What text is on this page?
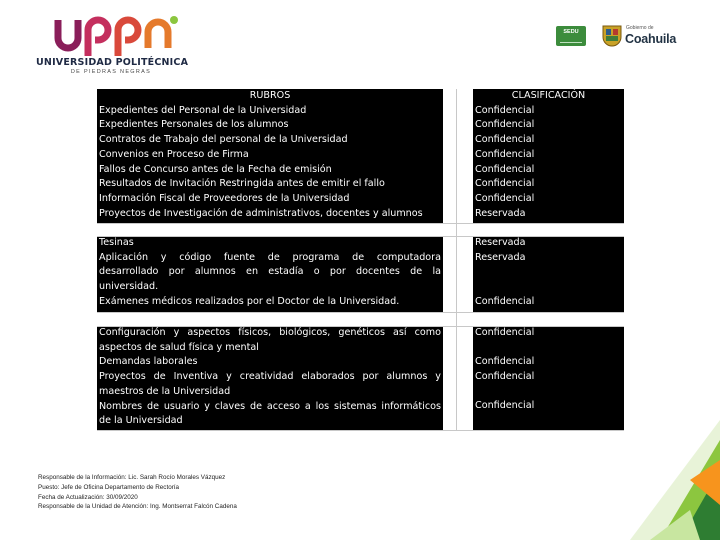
UNIVERSIDAD POLITÉCNICA
DE PIEDRAS NEGRAS
SEDU
Gobierno de
Coahuila
RUBROS
Expedientes del Personal de la Universidad
Expedientes Personales de los alumnos
Contratos de Trabajo del personal de la Universidad
Convenios en Proceso de Firma
Fallos de Concurso antes de la Fecha de emisión
Resultados de Invitación Restringida antes de emitir el fallo
Información Fiscal de Proveedores de la Universidad
Proyectos de Investigación de administrativos, docentes y alumnos
CLASIFICACIÓN
Confidencial
Confidencial
Confidencial
Confidencial
Confidencial
Confidencial
Confidencial
Reservada
Tesinas
Aplicación y código fuente de programa de computadora
desarrollado por alumnos en estadía o por docentes de la
universidad.
Exámenes médicos realizados por el Doctor de la Universidad.
Reservada
Reservada
Confidencial
Configuración y aspectos físicos, biológicos, genéticos así como
aspectos de salud física y mental
Demandas laborales
Proyectos de Inventiva y creatividad elaborados por alumnos y
maestros de la Universidad
Nombres de usuario y claves de acceso a los sistemas informáticos
de la Universidad
Confidencial
Confidencial
Confidencial
Confidencial
Responsable de la Información: Lic. Sarah Rocío Morales Vázquez
Puesto: Jefe de Oficina Departamento de Rectoría
Fecha de Actualización: 30/09/2020
Responsable de la Unidad de Atención: Ing. Montserrat Falcón Cadena
